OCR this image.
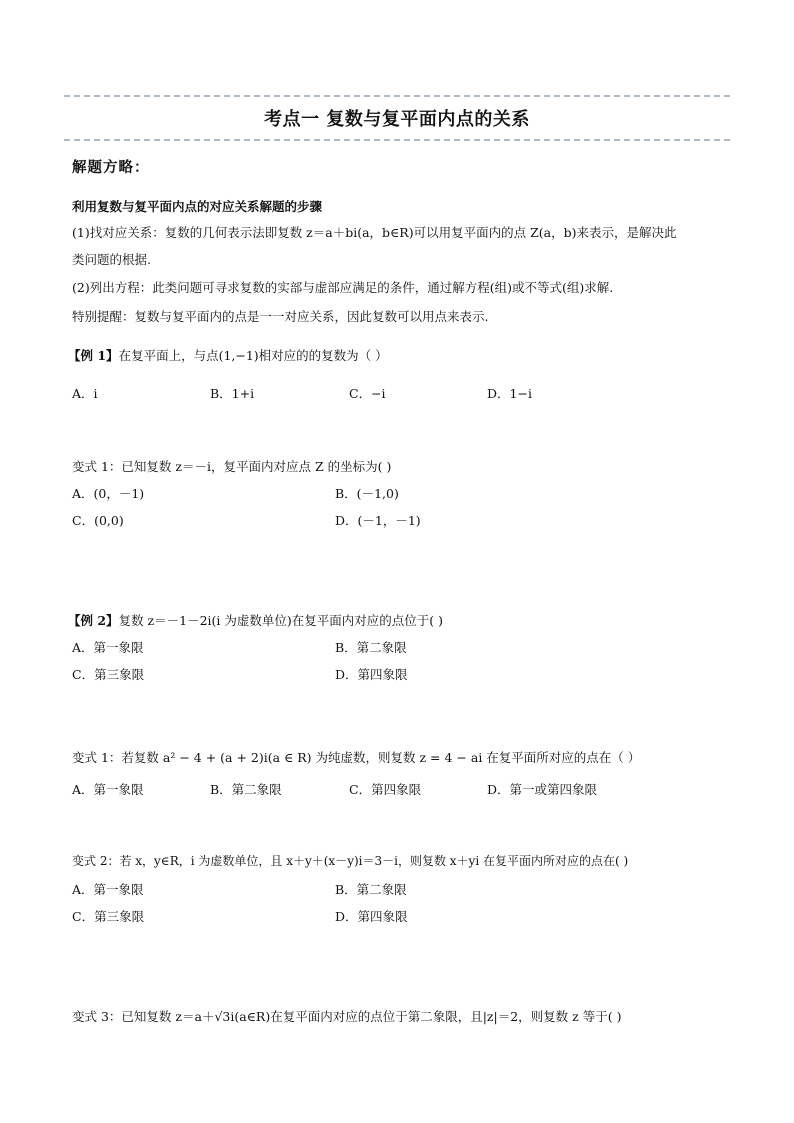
考点一 复数与复平面内点的关系
解题方略：
利用复数与复平面内点的对应关系解题的步骤
(1)找对应关系：复数的几何表示法即复数 z＝a＋bi(a，b∈R)可以用复平面内的点 Z(a，b)来表示，是解决此
类问题的根据.
(2)列出方程：此类问题可寻求复数的实部与虚部应满足的条件，通过解方程(组)或不等式(组)求解.
特别提醒：复数与复平面内的点是一一对应关系，因此复数可以用点来表示.
【例 1】在复平面上，与点(1,−1)相对应的的复数为（ ）
A．i	B．1+i	C．−i	D．1−i
变式 1：已知复数 z＝－i，复平面内对应点 Z 的坐标为( )
A．(0，－1)	B．(－1,0)
C．(0,0)	D．(－1，－1)
【例 2】复数 z＝－1－2i(i 为虚数单位)在复平面内对应的点位于( )
A．第一象限	B．第二象限
C．第三象限	D．第四象限
变式 1：若复数 a² − 4 + (a + 2)i(a ∈ R) 为纯虚数，则复数 z = 4 − ai 在复平面所对应的点在（ ）
A．第一象限	B．第二象限	C．第四象限	D．第一或第四象限
变式 2：若 x，y∈R，i 为虚数单位，且 x＋y＋(x－y)i＝3－i，则复数 x＋yi 在复平面内所对应的点在( )
A．第一象限	B．第二象限
C．第三象限	D．第四象限
变式 3：已知复数 z＝a＋√3i(a∈R)在复平面内对应的点位于第二象限，且|z|＝2，则复数 z 等于( )
